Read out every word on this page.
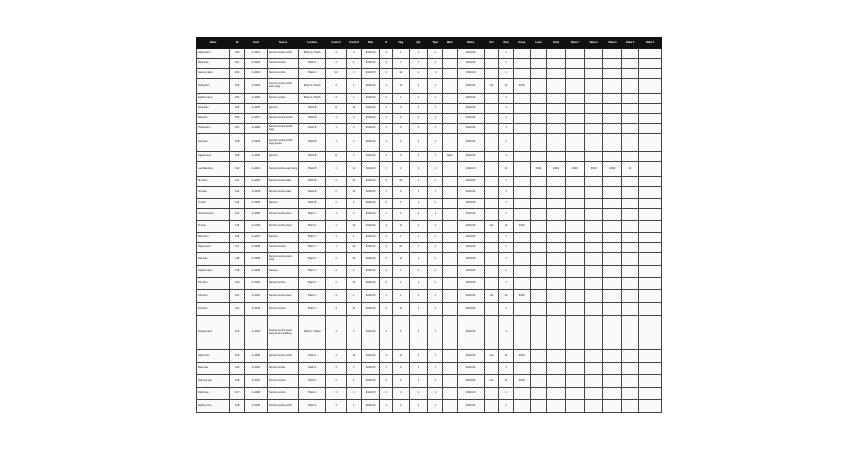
Name	ID	Code	Source	Location	Count A	Count B	Date	N	Flag	Qty	Type	Mark	Status	Ref	Note	Group	Level	Extra	Value 1	Value 2	Value 3	Value 4	Value 5
Alpha item	100	A-1021	Service centre north	Plant A / North	4	2	2019-03	1	1	1	1		2019-03		1								
Beta item	101	A-1022	Service centre	Plant A	3	1	2019-03	1	1	1	1		2019-03		1								
Gamma item	102	A-1023	Service centre	Plant A	12	2	2019-03	3	12	1	1		2019-03		1								
Delta item	103	A-1024	Service centre north east wing	Plant A / North	2	1	2019-03	1	11	1	1		2019-03	Yes	12	2019							
Epsilon item	104	A-1025	Service centre	Plant A / North	3	1	2019-03	2	1	1	1		2019-03		1								
Zeta item	105	A-1026	Service	Plant B	8	11	2019-03	1	3	1	1		2019-03		1								
Eta item	106	A-1027	Service centre south	Plant B	1	2	2019-03	1	2	1	1		2019-03		1								
Theta item	107	A-1028	Service centre south wing	Plant B	1	2	2019-03	1	2	1	1		2019-03		1								
Iota item	108	A-1029	Service centre south wing annex	Plant B	1	2	2019-03	1	2	1	1		2019-03		1								
Kappa item	109	A-1030	Service	Plant B	8	1	2019-03	1	3	1	1	Note	2019-03		1								
Lambda item	110	A-1031	Service centre east wing	Plant B	1	11	2019-03	1	2	1	1		2019-03		11		2019	2019	2019	2019	2019	11	
Mu item	111	A-1032	Service centre east	Plant B	2	11	2019-03	2	12	1	1		2019-03		1								
Nu item	112	A-1033	Service centre east	Plant B	2	11	2019-03	1	2	1	1		2019-03		1								
Xi item	113	A-1034	Service	Plant B	2	1	2019-03	1	2	1	1		2019-03		1								
Omicron item	114	A-1035	Service centre west	Plant C	1	1	2019-03	1	2	1	1		2019-03		1								
Pi item	115	A-1036	Service centre west	Plant C	1	12	2019-03	1	11	1	1		2019-03	Yes	12	2019							
Rho item	116	A-1037	Service	Plant C	1	1	2019-03	1	1	1	1		2019-03		1								
Sigma item	117	A-1038	Service centre	Plant C	1	12	2019-03	1	11	1	1		2019-03		1								
Tau item	118	A-1039	Service centre west wing	Plant C	2	12	2019-03	2	12	1	1		2019-03		1								
Upsilon item	119	A-1040	Service	Plant C	2	1	2019-03	1	1	1	1		2019-03		1								
Phi item	120	A-1041	Service centre	Plant C	2	11	2019-03	1	1	1	1		2019-03		1								
Chi item	121	A-1042	Service centre west	Plant C	3	1	2019-03	1	1	1	1		2019-03	Yes	12	2019							
Psi item	122	A-1043	Service centre	Plant C	4	11	2019-03	1	11	1	1		2019-03		1								
Omega item	123	A-1044	Service centre west wing annex building	Plant C / West	4	1	2019-03	1	2	1	1		2019-03		1								
Alpha two	124	A-1045	Service centre north	Plant A	4	11	2019-03	2	11	1	1		2019-03	Yes	11	2019							
Beta two	125	A-1046	Service centre	Plant A	4	1	2019-03	1	2	1	1		2019-03		1								
Gamma two	126	A-1047	Service centre	Plant A	2	1	2019-03	1	2	1	1		2019-03	Yes	11	2019							
Delta two	127	A-1048	Service centre	Plant A	3	1	2019-03	2	1	1	1		2019-03		1								
Epsilon two	128	A-1049	Service centre north	Plant A	3	1	2019-03	1	2	1	1		2019-03		1								
